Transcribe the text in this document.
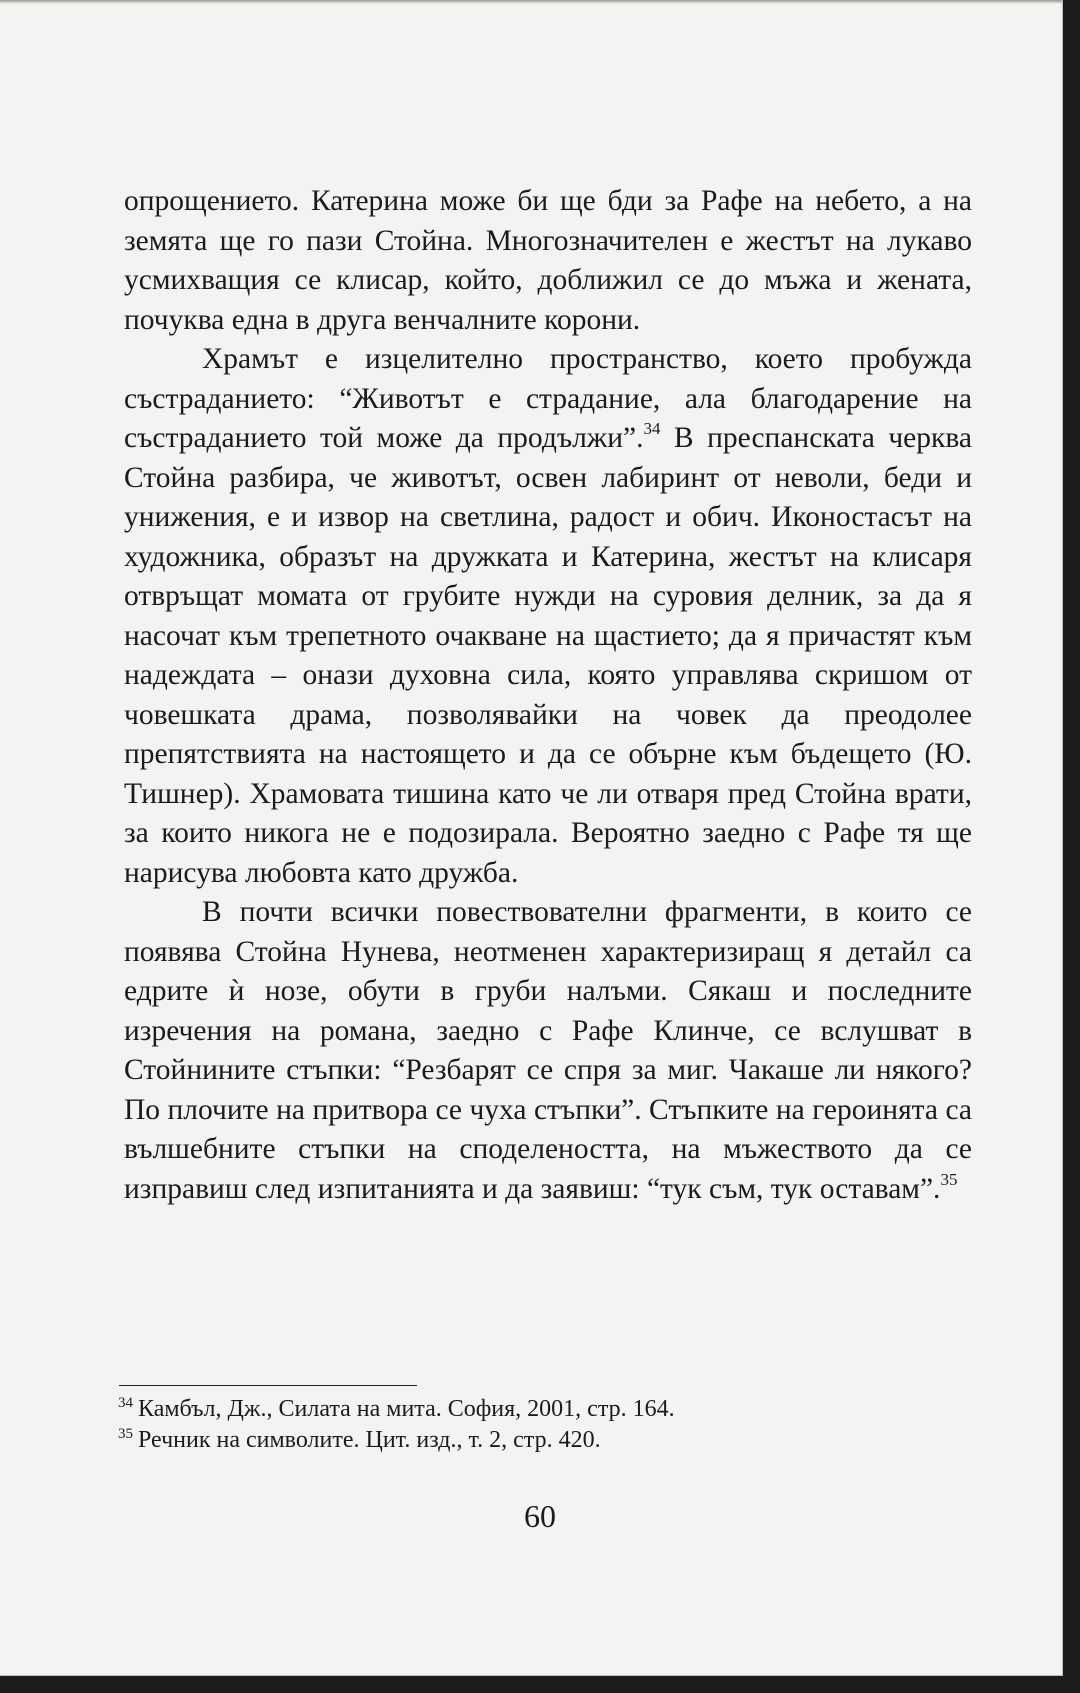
опрощението. Катерина може би ще бди за Рафе на небето, а на земята ще го пази Стойна. Многозначителен е жестът на лукаво усмихващия се клисар, който, доближил се до мъжа и жената, почуква една в друга венчалните корони.

Храмът е изцелително пространство, което пробужда състраданието: “Животът е страдание, ала благодарение на състраданието той може да продължи”.$^{34}$ В преспанската черква Стойна разбира, че животът, освен лабиринт от неволи, беди и унижения, е и извор на светлина, радост и обич. Иконостасът на художника, образът на дружката и Катерина, жестът на клисаря отвръщат момата от грубите нужди на суровия делник, за да я насочат към трепетното очакване на щастието; да я причастят към надеждата – онази духовна сила, която управлява скришом от човешката драма, позволявайки на човек да преодолее препятствията на настоящето и да се обърне към бъдещето (Ю. Тишнер). Храмовата тишина като че ли отваря пред Стойна врати, за които никога не е подозирала. Вероятно заедно с Рафе тя ще нарисува любовта като дружба.

В почти всички повествователни фрагменти, в които се появява Стойна Нунева, неотменен характеризиращ я детайл са едрите ѝ нозе, обути в груби налъми. Сякаш и последните изречения на романа, заедно с Рафе Клинче, се вслушват в Стойнините стъпки: “Резбарят се спря за миг. Чакаше ли някого? По плочите на притвора се чуха стъпки”. Стъпките на героинята са вълшебните стъпки на споделеността, на мъжеството да се изправиш след изпитанията и да заявиш: “тук съм, тук оставам”.$^{35}$

$^{34}$ Камбъл, Дж., Силата на мита. София, 2001, стр. 164.

$^{35}$ Речник на символите. Цит. изд., т. 2, стр. 420.

60
